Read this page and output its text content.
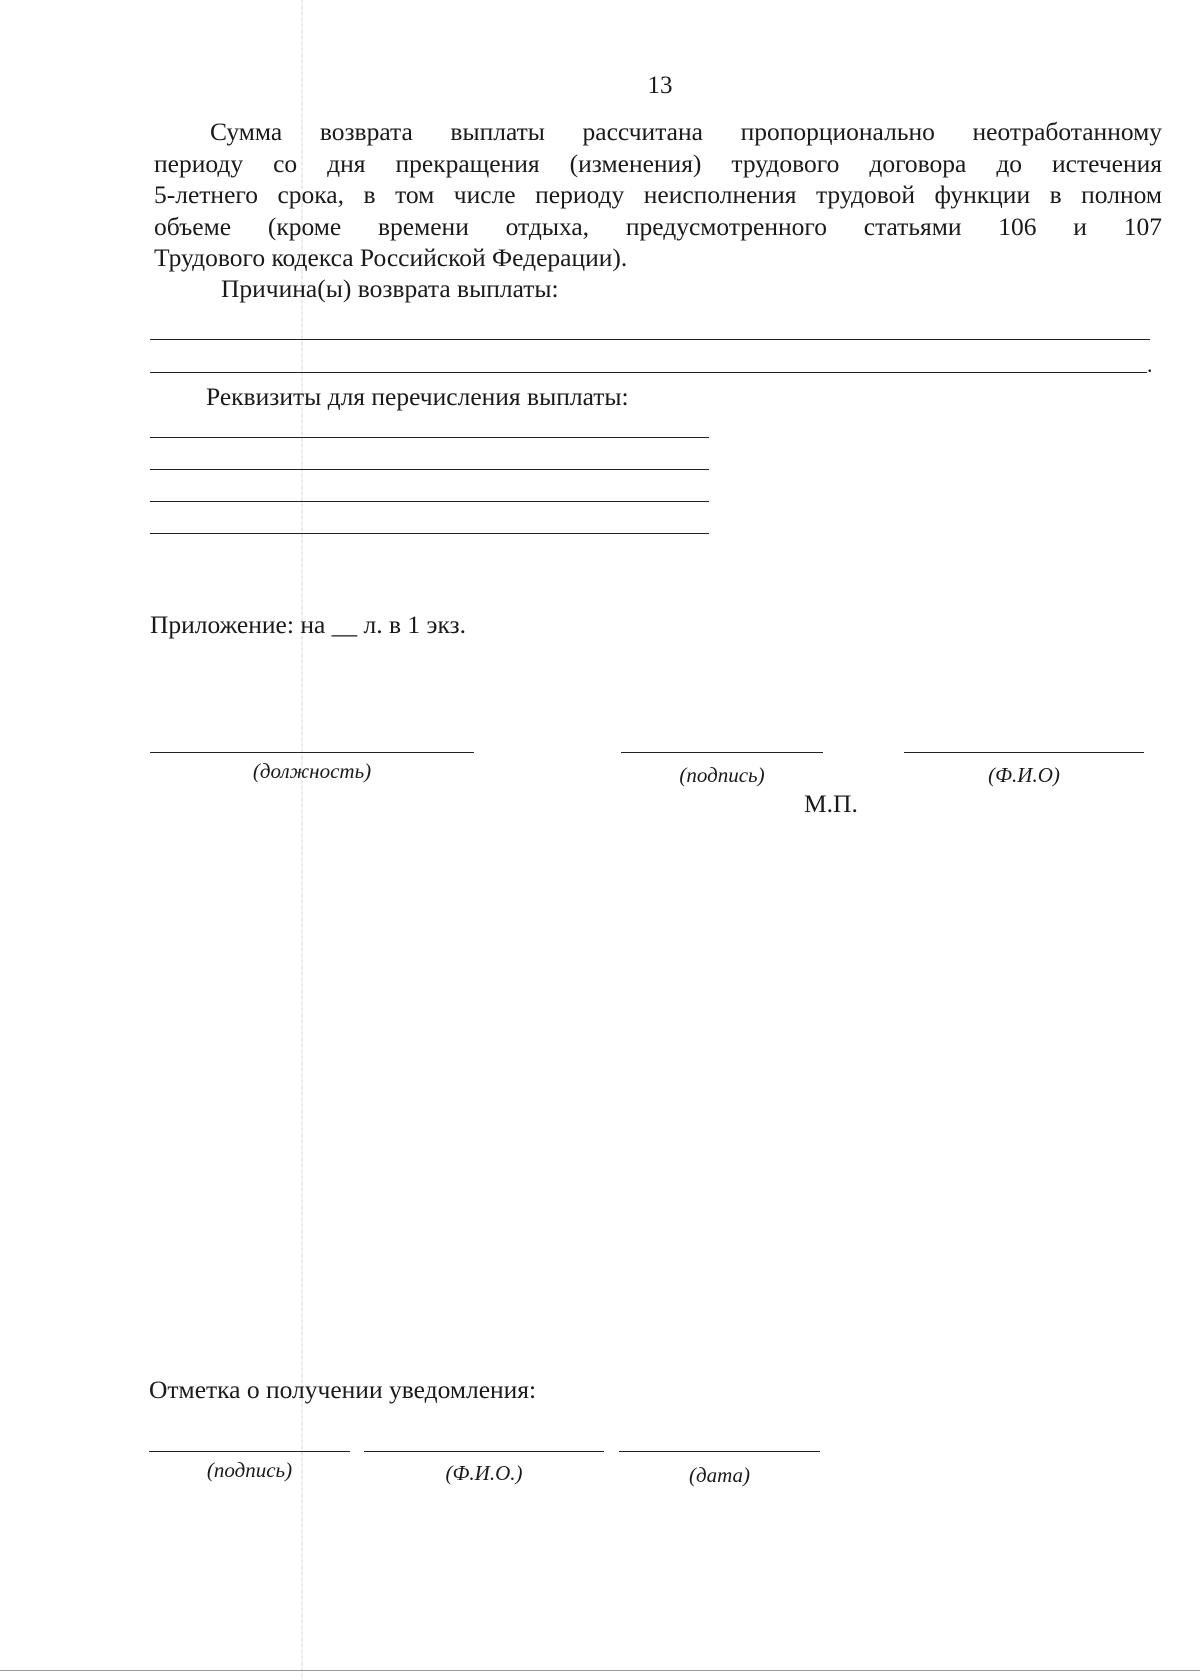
13
Сумма возврата выплаты рассчитана пропорционально неотработанному
периоду со дня прекращения (изменения) трудового договора до истечения
5-летнего срока, в том числе периоду неисполнения трудовой функции в полном
объеме (кроме времени отдыха, предусмотренного статьями 106 и 107
Трудового кодекса Российской Федерации).
Причина(ы) возврата выплаты:
.
Реквизиты для перечисления выплаты:
Приложение: на __ л. в 1 экз.
(должность)	(подпись)	(Ф.И.О)
М.П.
Отметка о получении уведомления:
(подпись)	(Ф.И.О.)	(дата)
